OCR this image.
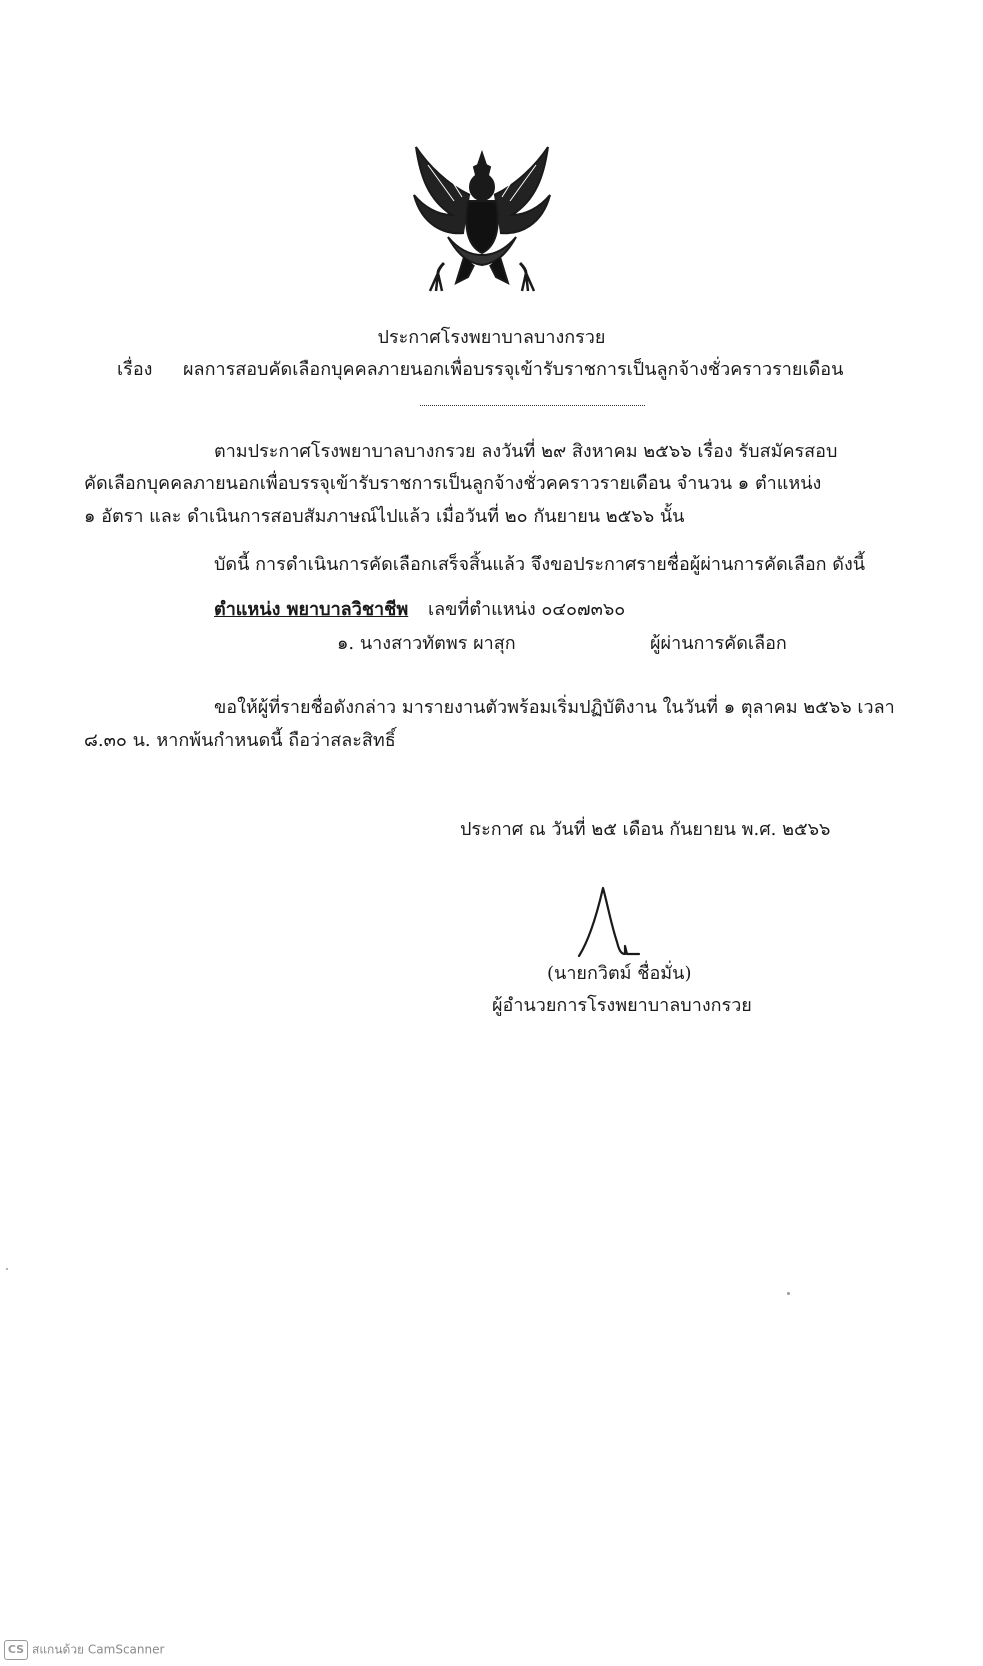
ประกาศโรงพยาบาลบางกรวย
เรื่อง ผลการสอบคัดเลือกบุคคลภายนอกเพื่อบรรจุเข้ารับราชการเป็นลูกจ้างชั่วคราวรายเดือน
ตามประกาศโรงพยาบาลบางกรวย ลงวันที่ ๒๙ สิงหาคม ๒๕๖๖ เรื่อง รับสมัครสอบ
คัดเลือกบุคคลภายนอกเพื่อบรรจุเข้ารับราชการเป็นลูกจ้างชั่วคคราวรายเดือน จำนวน ๑ ตำแหน่ง
๑ อัตรา และ ดำเนินการสอบสัมภาษณ์ไปแล้ว เมื่อวันที่ ๒๐ กันยายน ๒๕๖๖ นั้น
บัดนี้ การดำเนินการคัดเลือกเสร็จสิ้นแล้ว จึงขอประกาศรายชื่อผู้ผ่านการคัดเลือก ดังนี้
ตำแหน่ง พยาบาลวิชาชีพ เลขที่ตำแหน่ง ๐๔๐๗๓๖๐
๑. นางสาวทัตพร ผาสุก	ผู้ผ่านการคัดเลือก
ขอให้ผู้ที่รายชื่อดังกล่าว มารายงานตัวพร้อมเริ่มปฏิบัติงาน ในวันที่ ๑ ตุลาคม ๒๕๖๖ เวลา
๘.๓๐ น. หากพ้นกำหนดนี้ ถือว่าสละสิทธิ์
ประกาศ ณ วันที่ ๒๕ เดือน กันยายน พ.ศ. ๒๕๖๖
(นายกวิตม์ ชื่อมั่น)
ผู้อำนวยการโรงพยาบาลบางกรวย
CS สแกนด้วย CamScanner
